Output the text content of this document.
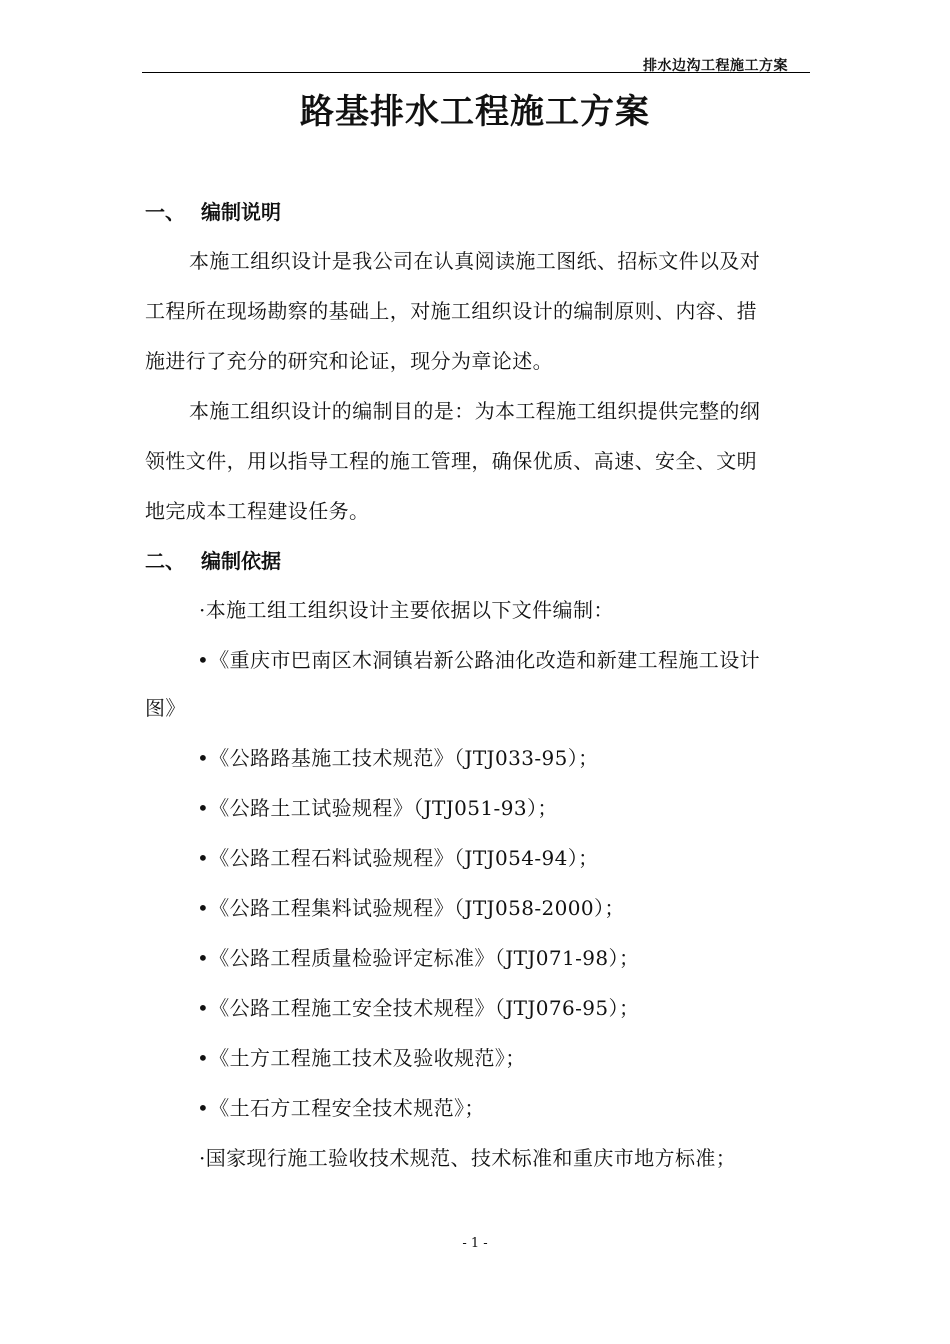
排水边沟工程施工方案
路基排水工程施工方案
一、 编制说明
本施工组织设计是我公司在认真阅读施工图纸、招标文件以及对
工程所在现场勘察的基础上，对施工组织设计的编制原则、内容、措
施进行了充分的研究和论证，现分为章论述。
本施工组织设计的编制目的是：为本工程施工组织提供完整的纲
领性文件，用以指导工程的施工管理，确保优质、高速、安全、文明
地完成本工程建设任务。
二、 编制依据
·本施工组工组织设计主要依据以下文件编制：
•《重庆市巴南区木洞镇岩新公路油化改造和新建工程施工设计
图》
•《公路路基施工技术规范》（JTJ033-95）；
•《公路土工试验规程》（JTJ051-93）；
•《公路工程石料试验规程》（JTJ054-94）；
•《公路工程集料试验规程》（JTJ058-2000）；
•《公路工程质量检验评定标准》（JTJ071-98）；
•《公路工程施工安全技术规程》（JTJ076-95）；
•《土方工程施工技术及验收规范》；
•《土石方工程安全技术规范》；
·国家现行施工验收技术规范、技术标准和重庆市地方标准；
- 1 -
